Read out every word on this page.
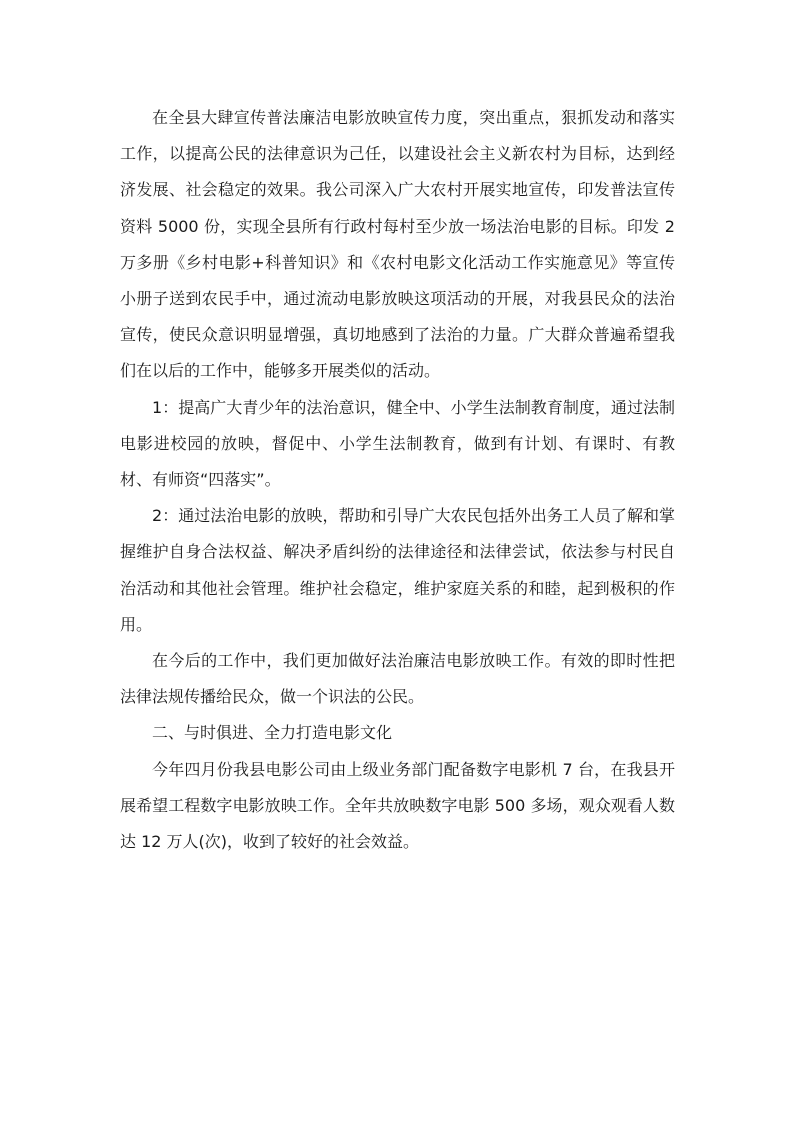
在全县大肆宣传普法廉洁电影放映宣传力度，突出重点，狠抓发动和落实工作，以提高公民的法律意识为己任，以建设社会主义新农村为目标，达到经济发展、社会稳定的效果。我公司深入广大农村开展实地宣传，印发普法宣传资料 5000 份，实现全县所有行政村每村至少放一场法治电影的目标。印发 2 万多册《乡村电影+科普知识》和《农村电影文化活动工作实施意见》等宣传小册子送到农民手中，通过流动电影放映这项活动的开展，对我县民众的法治宣传，使民众意识明显增强，真切地感到了法治的力量。广大群众普遍希望我们在以后的工作中，能够多开展类似的活动。

1：提高广大青少年的法治意识，健全中、小学生法制教育制度，通过法制电影进校园的放映，督促中、小学生法制教育，做到有计划、有课时、有教材、有师资“四落实”。

2：通过法治电影的放映，帮助和引导广大农民包括外出务工人员了解和掌握维护自身合法权益、解决矛盾纠纷的法律途径和法律尝试，依法参与村民自治活动和其他社会管理。维护社会稳定，维护家庭关系的和睦，起到极积的作用。

在今后的工作中，我们更加做好法治廉洁电影放映工作。有效的即时性把法律法规传播给民众，做一个识法的公民。

二、与时俱进、全力打造电影文化

今年四月份我县电影公司由上级业务部门配备数字电影机 7 台，在我县开展希望工程数字电影放映工作。全年共放映数字电影 500 多场，观众观看人数达 12 万人(次)，收到了较好的社会效益。
